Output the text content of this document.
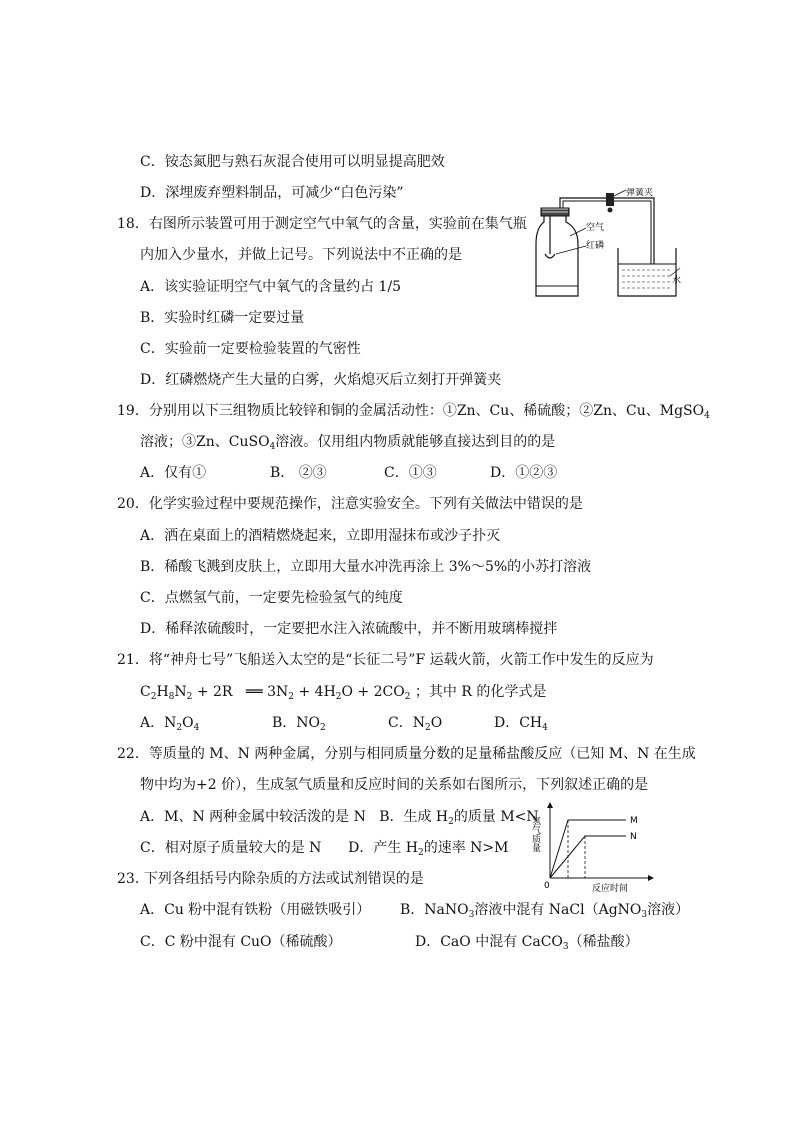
C．铵态氮肥与熟石灰混合使用可以明显提高肥效
D．深埋废弃塑料制品，可减少“白色污染”
18．右图所示装置可用于测定空气中氧气的含量，实验前在集气瓶
内加入少量水，并做上记号。下列说法中不正确的是
A．该实验证明空气中氧气的含量约占 1/5
B．实验时红磷一定要过量
C．实验前一定要检验装置的气密性
D．红磷燃烧产生大量的白雾，火焰熄灭后立刻打开弹簧夹
弹簧夹
空气
红磷
水
19．分别用以下三组物质比较锌和铜的金属活动性：①Zn、Cu、稀硫酸；②Zn、Cu、MgSO$_4$
溶液；③Zn、CuSO$_4$溶液。仅用组内物质就能够直接达到目的的是
A．仅有①	B． ②③	C．①③	D．①②③
20．化学实验过程中要规范操作，注意实验安全。下列有关做法中错误的是
A．洒在桌面上的酒精燃烧起来，立即用湿抹布或沙子扑灭
B．稀酸飞溅到皮肤上，立即用大量水冲洗再涂上 3%～5%的小苏打溶液
C．点燃氢气前，一定要先检验氢气的纯度
D．稀释浓硫酸时，一定要把水注入浓硫酸中，并不断用玻璃棒搅拌
21．将“神舟七号”飞船送入太空的是“长征二号”F 运载火箭，火箭工作中发生的反应为
$C_2H_8N_2 + 2R$   ══ $3N_2 + 4H_2O + 2CO_2$ ；其中 R 的化学式是
A．$N_2O_4$	B．$NO_2$	C．$N_2O$	D．$CH_4$
22．等质量的 M、N 两种金属，分别与相同质量分数的足量稀盐酸反应（已知 M、N 在生成
物中均为+2 价），生成氢气质量和反应时间的关系如右图所示，下列叙述正确的是
A．M、N 两种金属中较活泼的是 N   B．生成 $H_2$的质量 M<N
C．相对原子质量较大的是 N      D．产生 $H_2$的速率 N>M 氢气质量
反应时间
0
M
N
23. 下列各组括号内除杂质的方法或试剂错误的是
A．Cu 粉中混有铁粉（用磁铁吸引） B．NaNO$_3$溶液中混有 NaCl（AgNO$_3$溶液）
C．C 粉中混有 CuO（稀硫酸）	D．CaO 中混有 CaCO$_3$（稀盐酸）
